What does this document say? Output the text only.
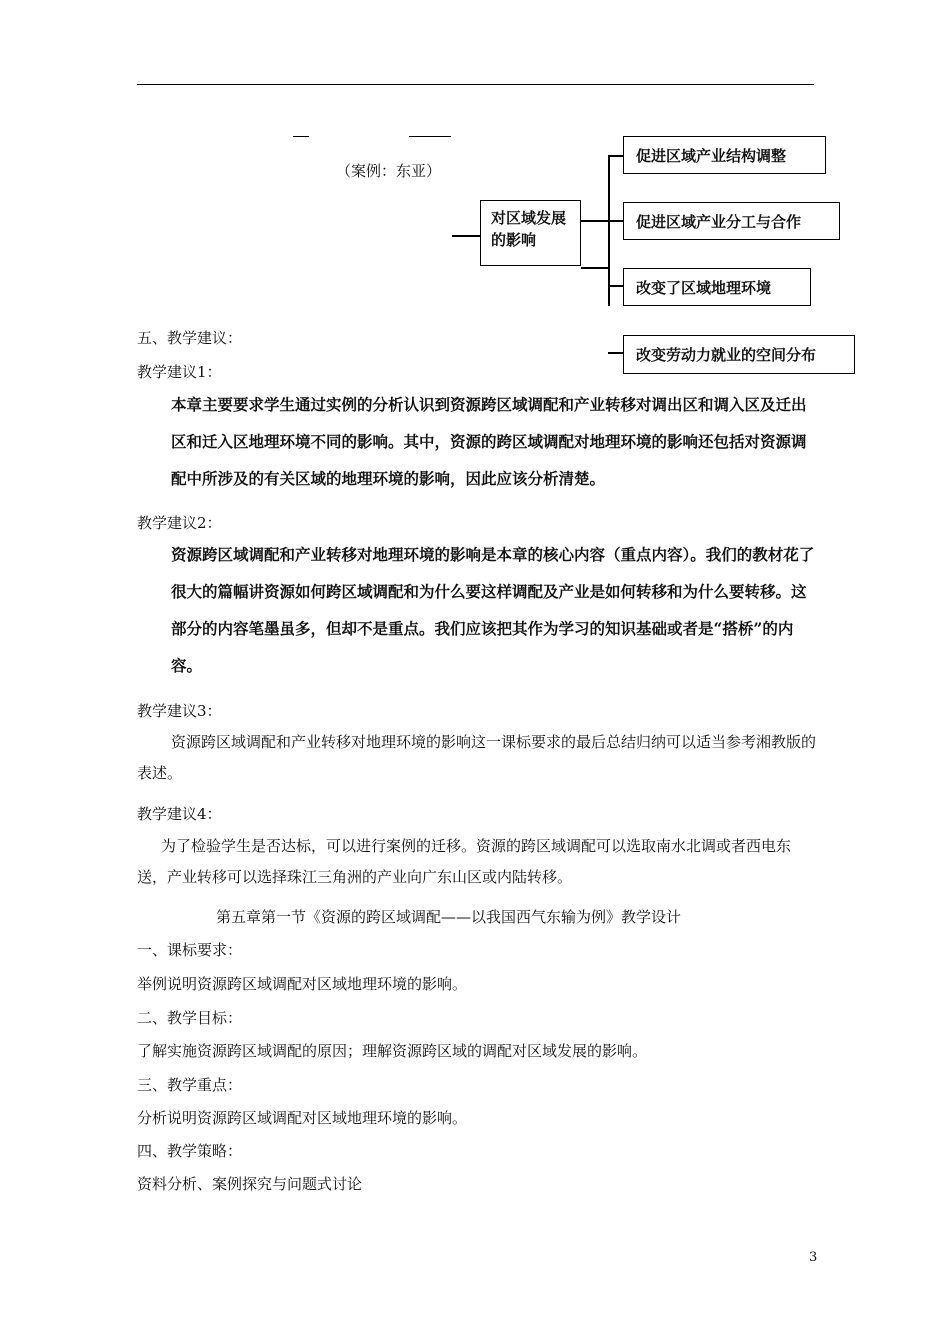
（案例：东亚）
对区域发展的影响
促进区域产业结构调整
促进区域产业分工与合作
改变了区域地理环境
改变劳动力就业的空间分布
五、教学建议：
教学建议1：
本章主要要求学生通过实例的分析认识到资源跨区域调配和产业转移对调出区和调入区及迁出区和迁入区地理环境不同的影响。其中，资源的跨区域调配对地理环境的影响还包括对资源调配中所涉及的有关区域的地理环境的影响，因此应该分析清楚。
教学建议2：
资源跨区域调配和产业转移对地理环境的影响是本章的核心内容（重点内容）。我们的教材花了很大的篇幅讲资源如何跨区域调配和为什么要这样调配及产业是如何转移和为什么要转移。这部分的内容笔墨虽多，但却不是重点。我们应该把其作为学习的知识基础或者是“搭桥”的内容。
教学建议3：
资源跨区域调配和产业转移对地理环境的影响这一课标要求的最后总结归纳可以适当参考湘教版的表述。
教学建议4：
为了检验学生是否达标，可以进行案例的迁移。资源的跨区域调配可以选取南水北调或者西电东送，产业转移可以选择珠江三角洲的产业向广东山区或内陆转移。
第五章第一节《资源的跨区域调配——以我国西气东输为例》教学设计
一、课标要求：
举例说明资源跨区域调配对区域地理环境的影响。
二、教学目标：
了解实施资源跨区域调配的原因；理解资源跨区域的调配对区域发展的影响。
三、教学重点：
分析说明资源跨区域调配对区域地理环境的影响。
四、教学策略：
资料分析、案例探究与问题式讨论
3
